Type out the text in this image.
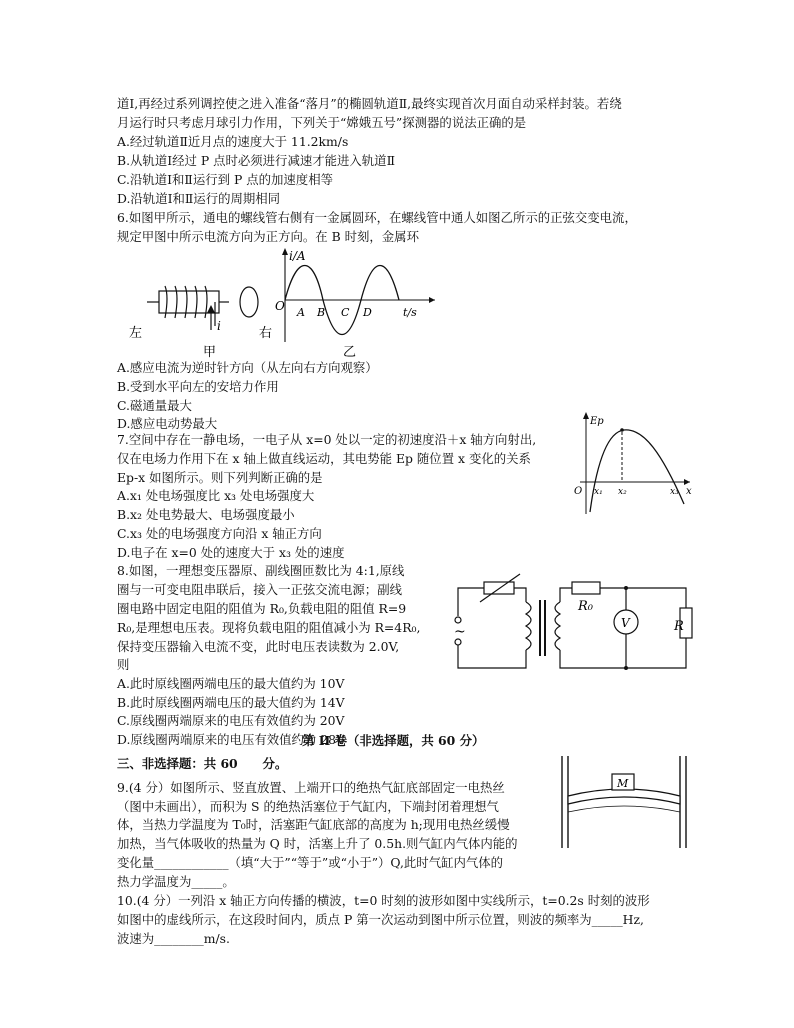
道Ⅰ,再经过系列调控使之进入准备“落月”的椭圆轨道Ⅱ,最终实现首次月面自动采样封装。若绕
月运行时只考虑月球引力作用，下列关于“嫦娥五号”探测器的说法正确的是
A.经过轨道Ⅱ近月点的速度大于 11.2km/s
B.从轨道Ⅰ经过 P 点时必须进行减速才能进入轨道Ⅱ
C.沿轨道Ⅰ和Ⅱ运行到 P 点的加速度相等
D.沿轨道Ⅰ和Ⅱ运行的周期相同
6.如图甲所示，通电的螺线管右侧有一金属圆环，在螺线管中通人如图乙所示的正弦交变电流，
规定甲图中所示电流方向为正方向。在 B 时刻，金属环
i
左	右
甲
i/A
O A B C D	t/s
乙
A.感应电流为逆时针方向（从左向右方向观察）
B.受到水平向左的安培力作用
C.磁通量最大
D.感应电动势最大
7.空间中存在一静电场，一电子从 x=0 处以一定的初速度沿＋x 轴方向射出,
仅在电场力作用下在 x 轴上做直线运动，其电势能 Ep 随位置 x 变化的关系
Ep-x 如图所示。则下列判断正确的是
A.x₁ 处电场强度比 x₃ 处电场强度大
B.x₂ 处电势最大、电场强度最小
C.x₃ 处的电场强度方向沿 x 轴正方向
D.电子在 x=0 处的速度大于 x₃ 处的速度
Ep
O x₁ x₂	x₃ x
8.如图，一理想变压器原、副线圈匝数比为 4:1,原线
圈与一可变电阻串联后，接入一正弦交流电源；副线
圈电路中固定电阻的阻值为 R₀,负载电阻的阻值 R=9
R₀,是理想电压表。现将负载电阻的阻值减小为 R=4R₀,
保持变压器输入电流不变，此时电压表读数为 2.0V,
则
A.此时原线圈两端电压的最大值约为 10V
B.此时原线圈两端电压的最大值约为 14V
C.原线圈两端原来的电压有效值约为 20V
D.原线圈两端原来的电压有效值约为 28V
~
R₀
V	R
第 II 卷（非选择题，共 60 分）
三、非选择题：共 60　　分。
9.(4 分）如图所示、竖直放置、上端开口的绝热气缸底部固定一电热丝
（图中未画出），而积为 S 的绝热活塞位于气缸内，下端封闭着理想气
体，当热力学温度为 T₀时，活塞距气缸底部的高度为 h;现用电热丝缓慢
加热，当气体吸收的热量为 Q 时，活塞上升了 0.5h.则气缸内气体内能的
变化量____________（填“大于”“等于”或“小于”）Q,此时气缸内气体的
热力学温度为_____。
M
10.(4 分）一列沿 x 轴正方向传播的横波，t=0 时刻的波形如图中实线所示，t=0.2s 时刻的波形
如图中的虚线所示，在这段时间内，质点 P 第一次运动到图中所示位置，则波的频率为_____Hz,
波速为________m/s.
